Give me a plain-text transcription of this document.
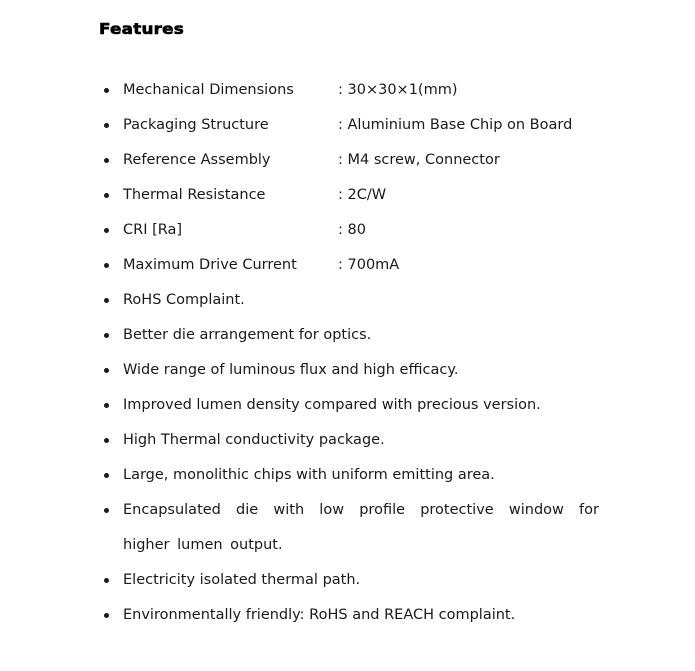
Features
Mechanical Dimensions	: 30×30×1(mm)
Packaging Structure	: Aluminium Base Chip on Board
Reference Assembly	: M4 screw, Connector
Thermal Resistance	: 2C/W
CRI [Ra]	: 80
Maximum Drive Current	: 700mA
RoHS Complaint.
Better die arrangement for optics.
Wide range of luminous flux and high efficacy.
Improved lumen density compared with precious version.
High Thermal conductivity package.
Large, monolithic chips with uniform emitting area.
Encapsulated die with low profile protective window for higher lumen output.
Electricity isolated thermal path.
Environmentally friendly: RoHS and REACH complaint.
